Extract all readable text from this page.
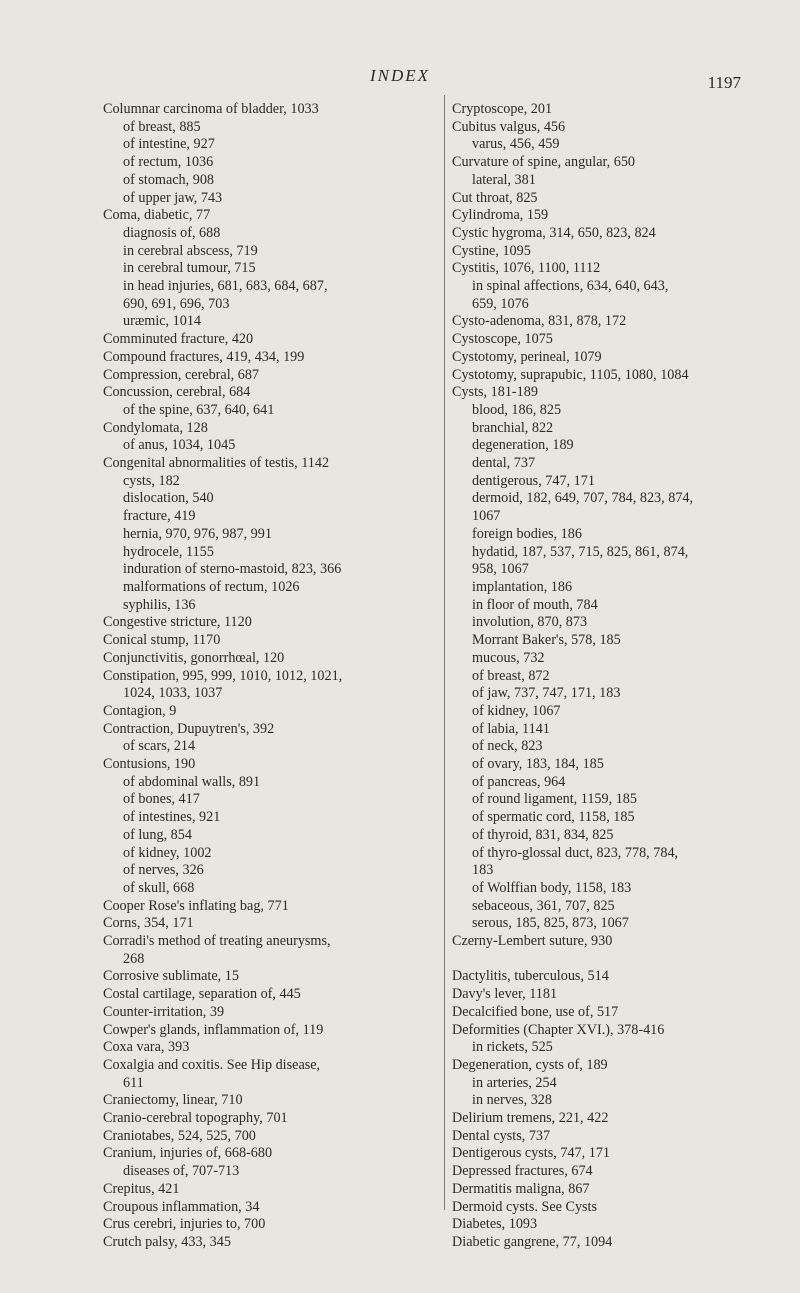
INDEX	1197
Columnar carcinoma of bladder, 1033
of breast, 885
of intestine, 927
of rectum, 1036
of stomach, 908
of upper jaw, 743
Coma, diabetic, 77
diagnosis of, 688
in cerebral abscess, 719
in cerebral tumour, 715
in head injuries, 681, 683, 684, 687,
690, 691, 696, 703
uræmic, 1014
Comminuted fracture, 420
Compound fractures, 419, 434, 199
Compression, cerebral, 687
Concussion, cerebral, 684
of the spine, 637, 640, 641
Condylomata, 128
of anus, 1034, 1045
Congenital abnormalities of testis, 1142
cysts, 182
dislocation, 540
fracture, 419
hernia, 970, 976, 987, 991
hydrocele, 1155
induration of sterno-mastoid, 823, 366
malformations of rectum, 1026
syphilis, 136
Congestive stricture, 1120
Conical stump, 1170
Conjunctivitis, gonorrhœal, 120
Constipation, 995, 999, 1010, 1012, 1021,
1024, 1033, 1037
Contagion, 9
Contraction, Dupuytren's, 392
of scars, 214
Contusions, 190
of abdominal walls, 891
of bones, 417
of intestines, 921
of lung, 854
of kidney, 1002
of nerves, 326
of skull, 668
Cooper Rose's inflating bag, 771
Corns, 354, 171
Corradi's method of treating aneurysms,
268
Corrosive sublimate, 15
Costal cartilage, separation of, 445
Counter-irritation, 39
Cowper's glands, inflammation of, 119
Coxa vara, 393
Coxalgia and coxitis. See Hip disease,
611
Craniectomy, linear, 710
Cranio-cerebral topography, 701
Craniotabes, 524, 525, 700
Cranium, injuries of, 668-680
diseases of, 707-713
Crepitus, 421
Croupous inflammation, 34
Crus cerebri, injuries to, 700
Crutch palsy, 433, 345
Cryptoscope, 201
Cubitus valgus, 456
varus, 456, 459
Curvature of spine, angular, 650
lateral, 381
Cut throat, 825
Cylindroma, 159
Cystic hygroma, 314, 650, 823, 824
Cystine, 1095
Cystitis, 1076, 1100, 1112
in spinal affections, 634, 640, 643,
659, 1076
Cysto-adenoma, 831, 878, 172
Cystoscope, 1075
Cystotomy, perineal, 1079
Cystotomy, suprapubic, 1105, 1080, 1084
Cysts, 181-189
blood, 186, 825
branchial, 822
degeneration, 189
dental, 737
dentigerous, 747, 171
dermoid, 182, 649, 707, 784, 823, 874,
1067
foreign bodies, 186
hydatid, 187, 537, 715, 825, 861, 874,
958, 1067
implantation, 186
in floor of mouth, 784
involution, 870, 873
Morrant Baker's, 578, 185
mucous, 732
of breast, 872
of jaw, 737, 747, 171, 183
of kidney, 1067
of labia, 1141
of neck, 823
of ovary, 183, 184, 185
of pancreas, 964
of round ligament, 1159, 185
of spermatic cord, 1158, 185
of thyroid, 831, 834, 825
of thyro-glossal duct, 823, 778, 784,
183
of Wolffian body, 1158, 183
sebaceous, 361, 707, 825
serous, 185, 825, 873, 1067
Czerny-Lembert suture, 930
Dactylitis, tuberculous, 514
Davy's lever, 1181
Decalcified bone, use of, 517
Deformities (Chapter XVI.), 378-416
in rickets, 525
Degeneration, cysts of, 189
in arteries, 254
in nerves, 328
Delirium tremens, 221, 422
Dental cysts, 737
Dentigerous cysts, 747, 171
Depressed fractures, 674
Dermatitis maligna, 867
Dermoid cysts. See Cysts
Diabetes, 1093
Diabetic gangrene, 77, 1094
